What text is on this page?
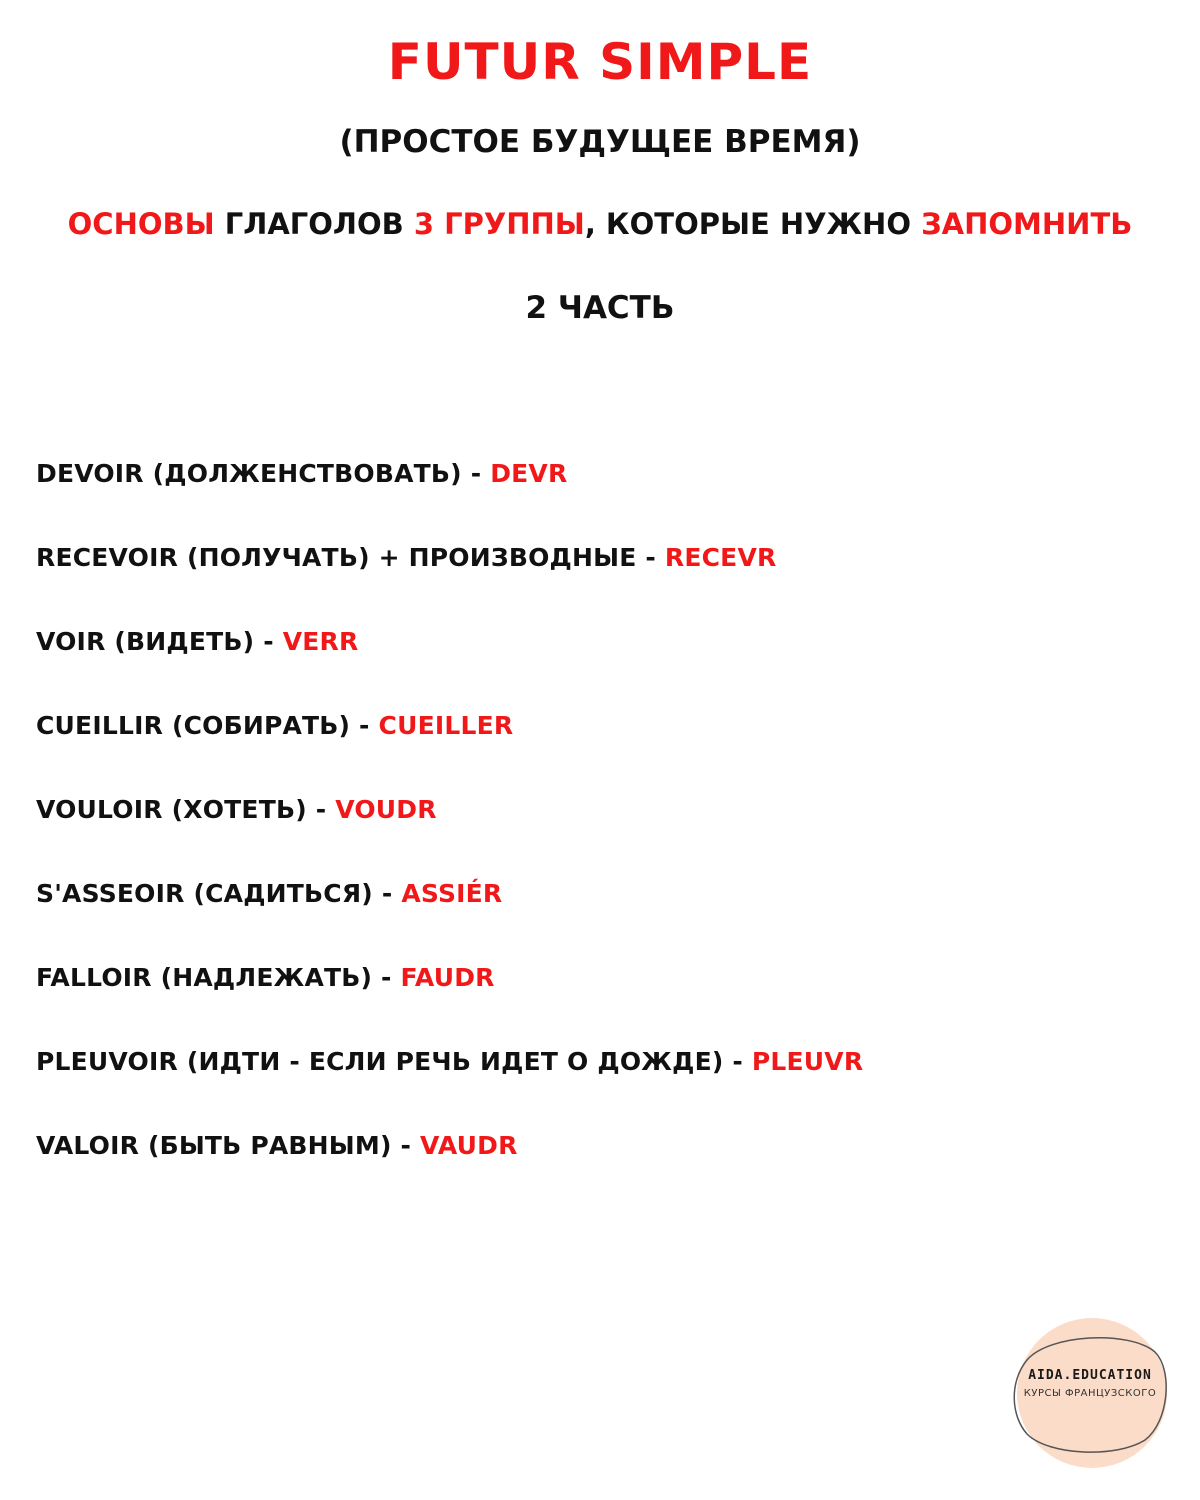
FUTUR SIMPLE
(ПРОСТОЕ БУДУЩЕЕ ВРЕМЯ)
ОСНОВЫ ГЛАГОЛОВ 3 ГРУППЫ, КОТОРЫЕ НУЖНО ЗАПОМНИТЬ
2 ЧАСТЬ
DEVOIR (ДОЛЖЕНСТВОВАТЬ) - DEVR
RECEVOIR (ПОЛУЧАТЬ) + ПРОИЗВОДНЫЕ - RECEVR
VOIR (ВИДЕТЬ) - VERR
CUEILLIR (СОБИРАТЬ) - CUEILLER
VOULOIR (ХОТЕТЬ) - VOUDR
S'ASSEOIR (САДИТЬСЯ) - ASSIÉR
FALLOIR (НАДЛЕЖАТЬ) - FAUDR
PLEUVOIR (ИДТИ - ЕСЛИ РЕЧЬ ИДЕТ О ДОЖДЕ) - PLEUVR
VALOIR (БЫТЬ РАВНЫМ) - VAUDR
AIDA.EDUCATION
КУРСЫ ФРАНЦУЗСКОГО
